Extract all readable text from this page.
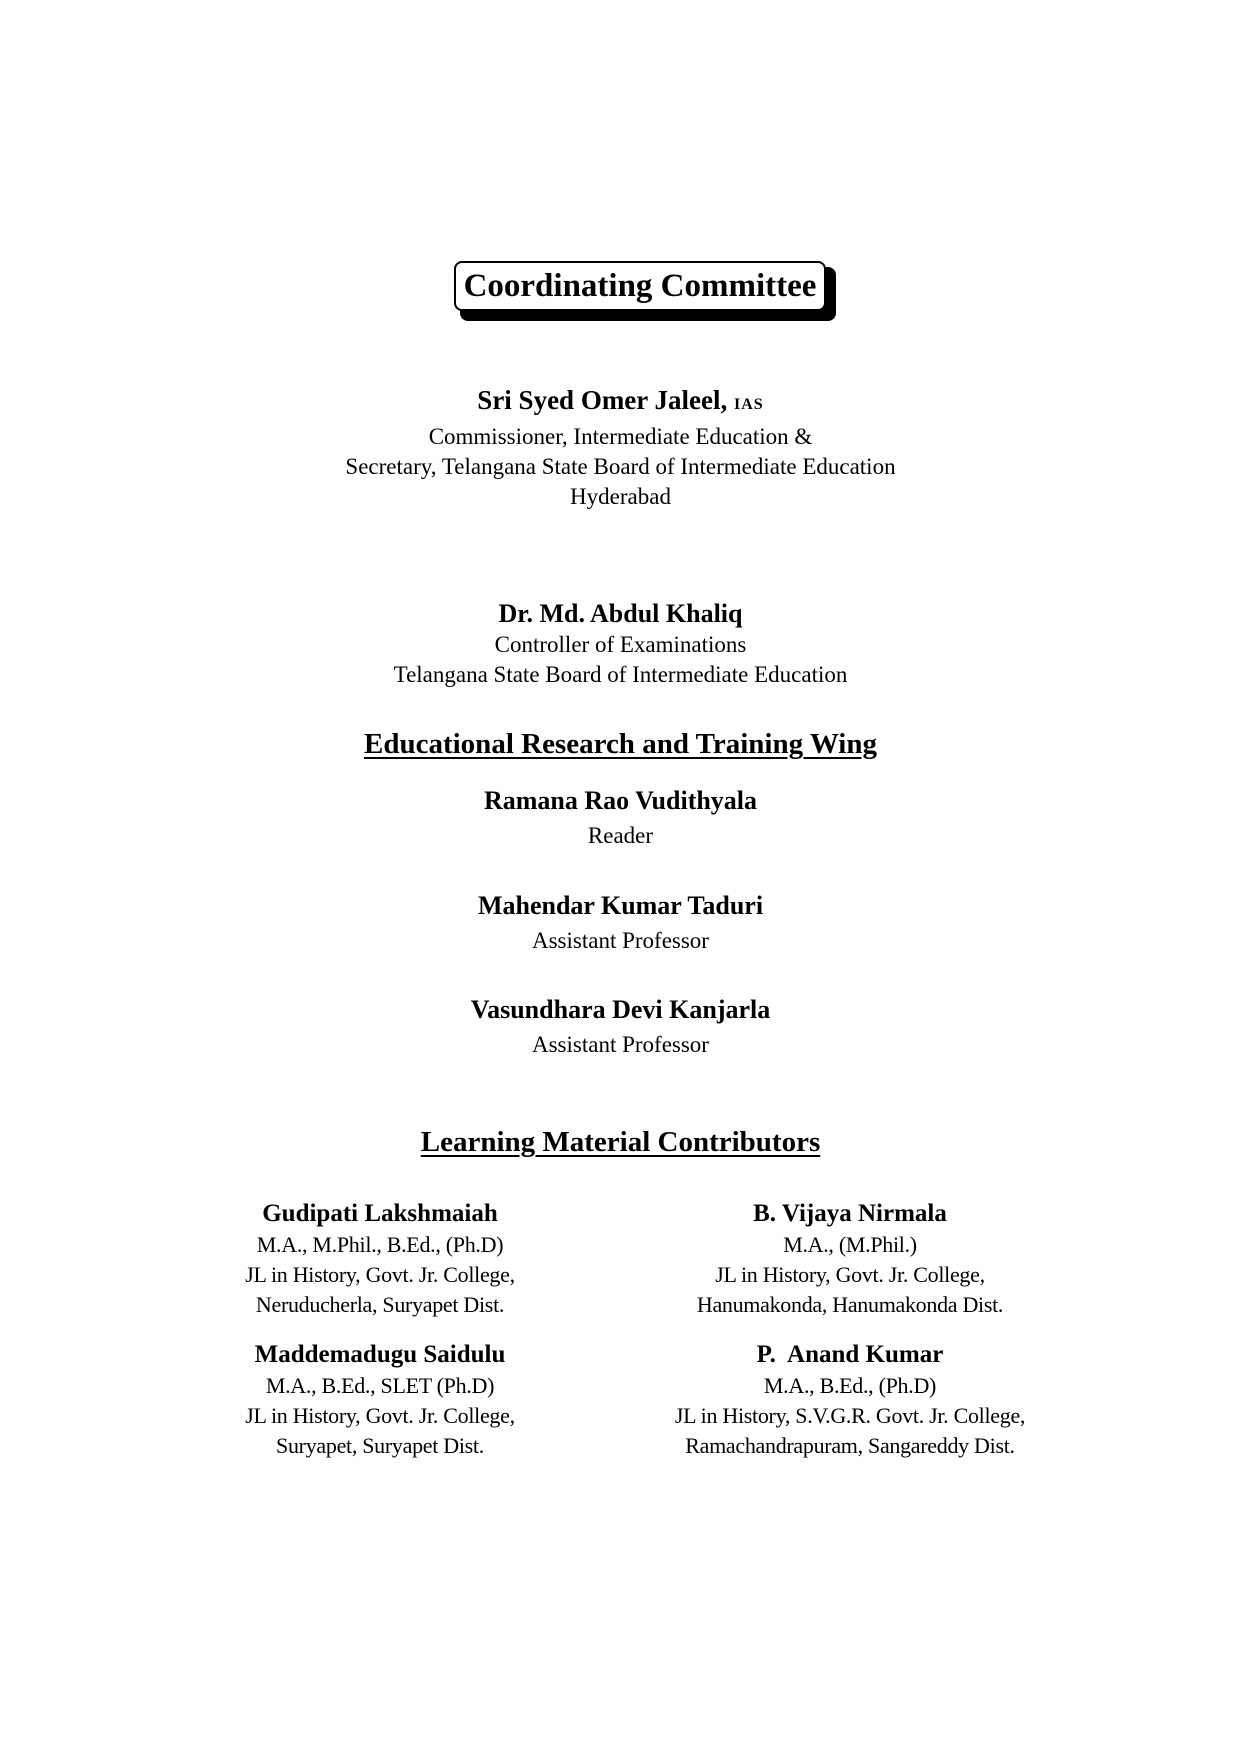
Coordinating Committee
Sri Syed Omer Jaleel, IAS
Commissioner, Intermediate Education &
Secretary, Telangana State Board of Intermediate Education
Hyderabad
Dr. Md. Abdul Khaliq
Controller of Examinations
Telangana State Board of Intermediate Education
Educational Research and Training Wing
Ramana Rao Vudithyala
Reader
Mahendar Kumar Taduri
Assistant Professor
Vasundhara Devi Kanjarla
Assistant Professor
Learning Material Contributors
Gudipati Lakshmaiah
M.A., M.Phil., B.Ed., (Ph.D)
JL in History, Govt. Jr. College,
Neruducherla, Suryapet Dist.
B. Vijaya Nirmala
M.A., (M.Phil.)
JL in History, Govt. Jr. College,
Hanumakonda, Hanumakonda Dist.
Maddemadugu Saidulu
M.A., B.Ed., SLET (Ph.D)
JL in History, Govt. Jr. College,
Suryapet, Suryapet Dist.
P.  Anand Kumar
M.A., B.Ed., (Ph.D)
JL in History, S.V.G.R. Govt. Jr. College,
Ramachandrapuram, Sangareddy Dist.
